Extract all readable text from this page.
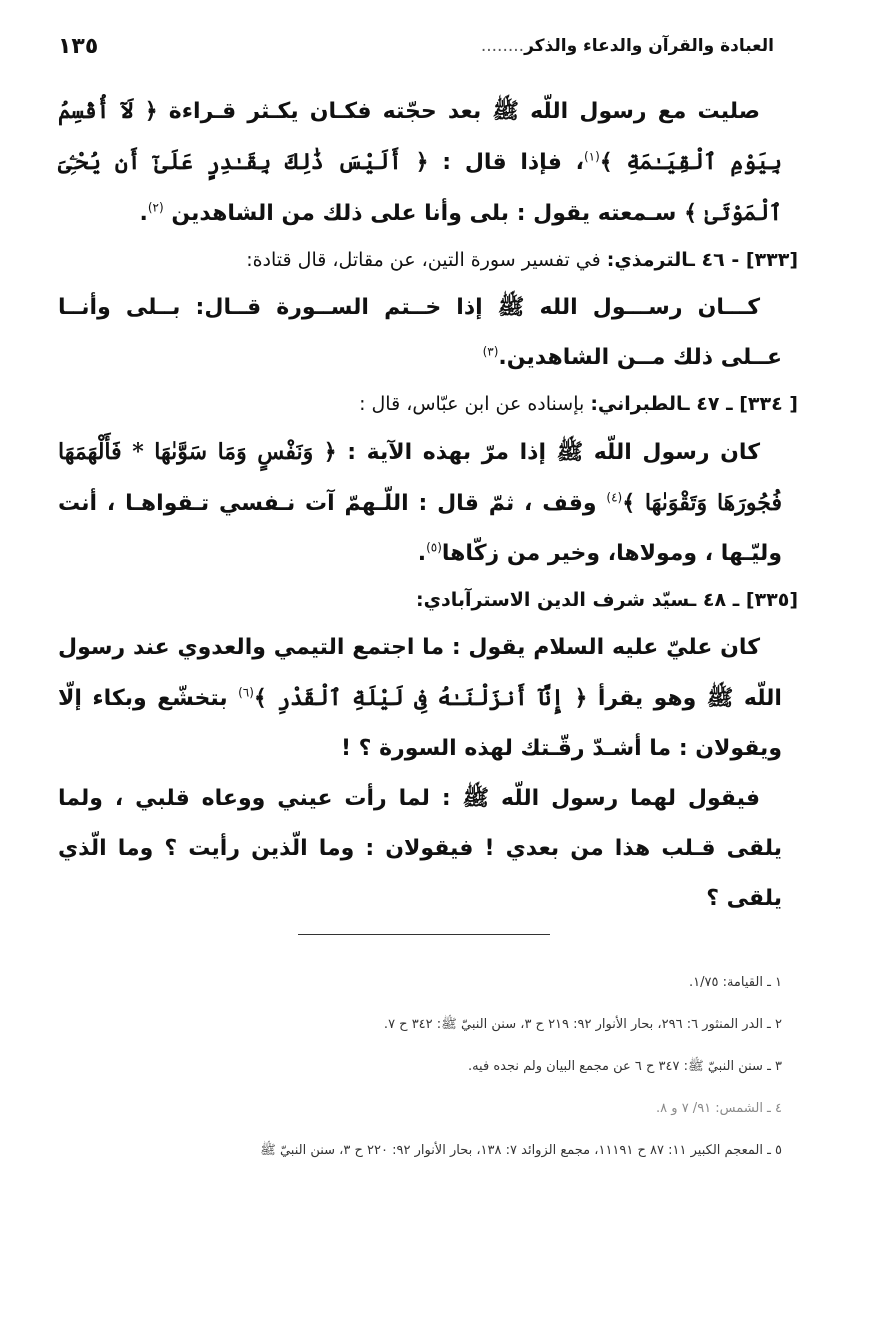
١٣٥	العبادة والقرآن والدعاء والذكر........

صليت مع رسول اللّه ﷺ بعد حجّته فكـان يكـثر قـراءة ﴿ لَآ أُقْسِمُ بِيَوْمِ ٱلْقِيَـٰمَةِ ﴾$^{(١)}$، فإذا قال : ﴿ أَلَيْسَ ذَٰلِكَ بِقَـٰدِرٍ عَلَىٰٓ أَن يُحْـِۧىَ ٱلْمَوْتَىٰ ﴾ سـمعته يقول : بلى وأنا على ذلك من الشاهدين $^{(٢)}$.

[٣٣٣] - ٤٦ ـالترمذي: في تفسير سورة التين، عن مقاتل، قال قتادة:

كـــان رســـول الله ﷺ إذا خــتم الســورة قــال: بــلى وأنــا عــلى ذلك مــن الشاهدين.$^{(٣)}$

[ ٣٣٤] ـ ٤٧ ـالطبراني: بإسناده عن ابن عبّاس، قال :

كان رسول اللّه ﷺ إذا مرّ بهذه الآية : ﴿ وَنَفْسٍ وَمَا سَوَّىٰهَا * فَأَلْهَمَهَا فُجُورَهَا وَتَقْوَىٰهَا ﴾$^{(٤)}$ وقف ، ثمّ قال : اللّـهمّ آت نـفسي تـقواهـا ، أنت وليّـها ، ومولاها، وخير من زكّاها$^{(٥)}$.

[٣٣٥] ـ ٤٨ ـسيّد شرف الدين الاسترآبادي:

كان عليّ عليه السلام يقول : ما اجتمع التيمي والعدوي عند رسول اللّه ﷺ وهو يقرأ ﴿ إِنَّآ أَنزَلْنَـٰهُ فِى لَيْلَةِ ٱلْقَدْرِ ﴾$^{(٦)}$ بتخشّع وبكاء إلّا ويقولان : ما أشـدّ رقّـتك لهذه السورة ؟ !

فيقول لهما رسول اللّه ﷺ : لما رأت عيني ووعاه قلبي ، ولما يلقى قـلب هذا من بعدي ! فيقولان : وما الّذين رأيت ؟ وما الّذي يلقى ؟

١ ـ القيامة: ١/٧٥.
٢ ـ الدر المنثور ٦: ٢٩٦، بحار الأنوار ٩٢: ٢١٩ ح ٣، سنن النبيّ ﷺ: ٣٤٢ ح ٧.
٣ ـ سنن النبيّ ﷺ: ٣٤٧ ح ٦ عن مجمع البيان ولم نجده فيه.
٤ ـ الشمس: ٩١/ ٧ و ٨.
٥ ـ المعجم الكبير ١١: ٨٧ ح ١١١٩١، مجمع الزوائد ٧: ١٣٨، بحار الأنوار ٩٢: ٢٢٠ ح ٣، سنن النبيّ ﷺ
